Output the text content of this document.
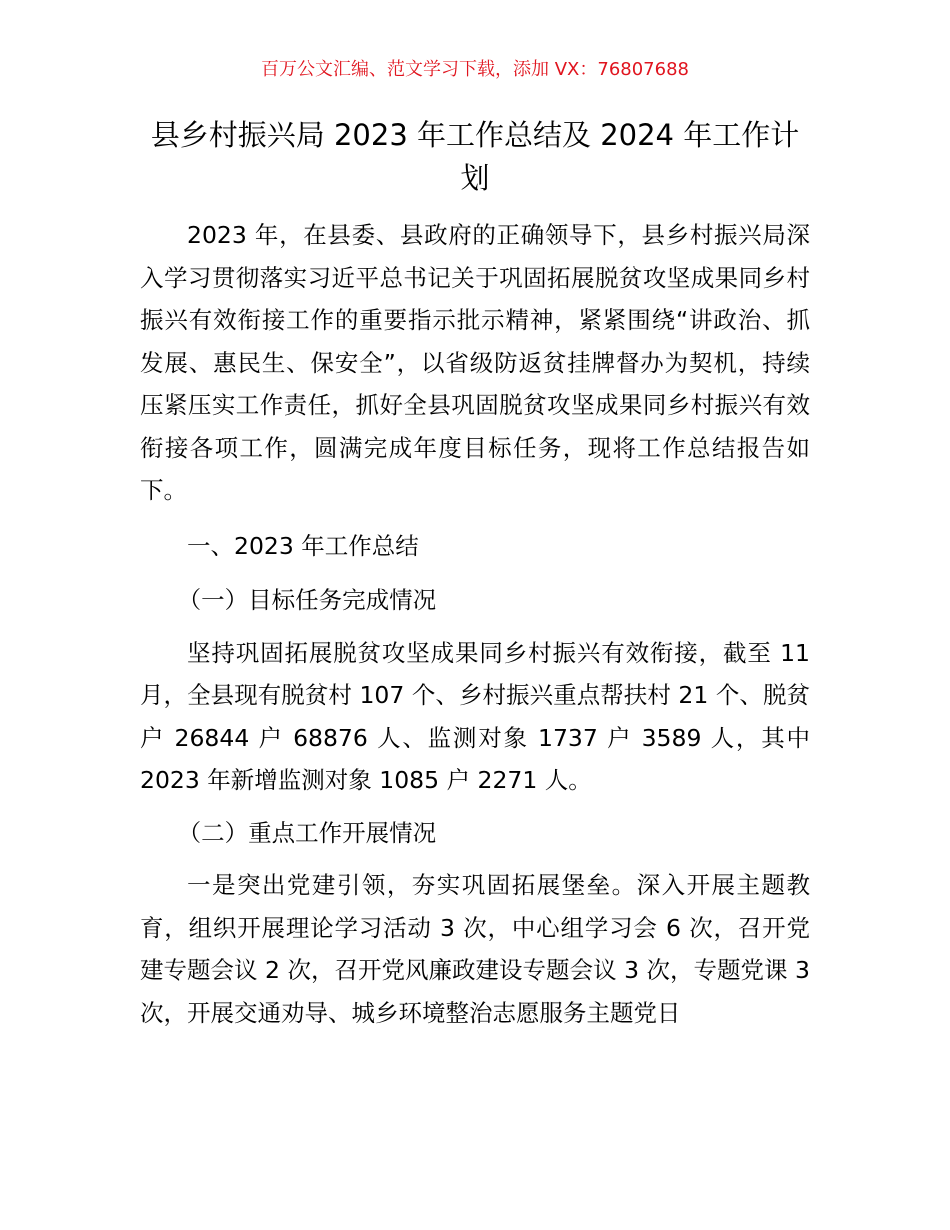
百万公文汇编、范文学习下载，添加 VX：76807688
县乡村振兴局 2023 年工作总结及 2024 年工作计划

2023 年，在县委、县政府的正确领导下，县乡村振兴局深入学习贯彻落实习近平总书记关于巩固拓展脱贫攻坚成果同乡村振兴有效衔接工作的重要指示批示精神，紧紧围绕“讲政治、抓发展、惠民生、保安全”，以省级防返贫挂牌督办为契机，持续压紧压实工作责任，抓好全县巩固脱贫攻坚成果同乡村振兴有效衔接各项工作，圆满完成年度目标任务，现将工作总结报告如下。

一、2023 年工作总结

（一）目标任务完成情况

坚持巩固拓展脱贫攻坚成果同乡村振兴有效衔接，截至 11 月，全县现有脱贫村 107 个、乡村振兴重点帮扶村 21 个、脱贫户 26844 户 68876 人、监测对象 1737 户 3589 人，其中 2023 年新增监测对象 1085 户 2271 人。

（二）重点工作开展情况

一是突出党建引领，夯实巩固拓展堡垒。深入开展主题教育，组织开展理论学习活动 3 次，中心组学习会 6 次，召开党建专题会议 2 次，召开党风廉政建设专题会议 3 次，专题党课 3 次，开展交通劝导、城乡环境整治志愿服务主题党日
